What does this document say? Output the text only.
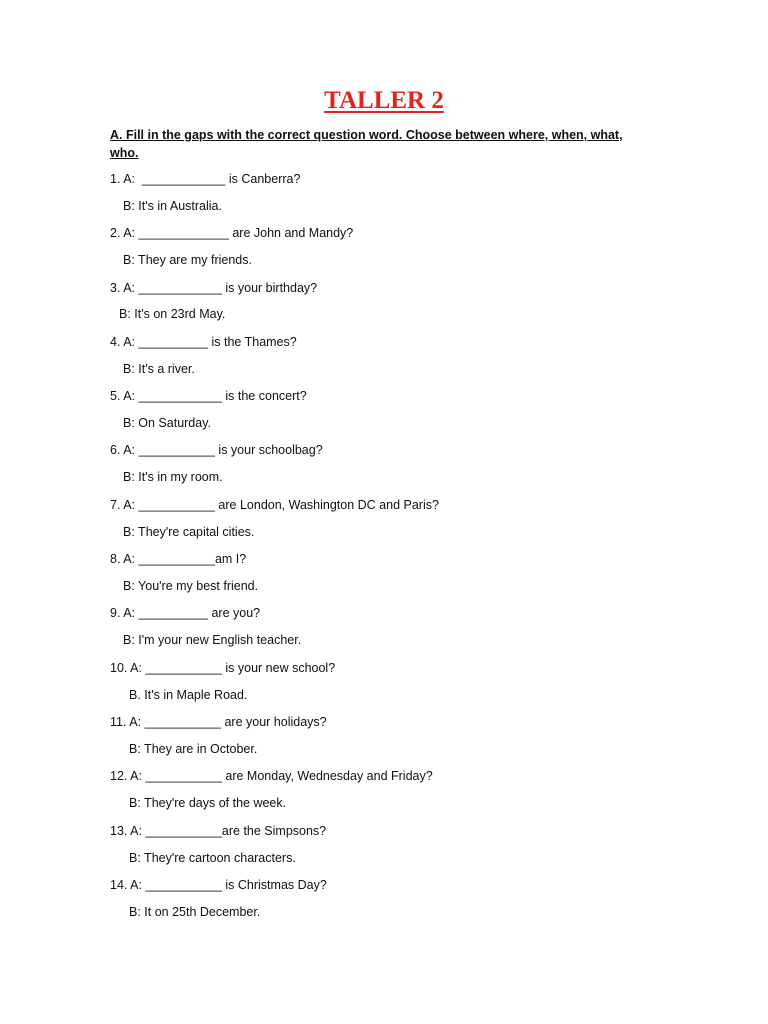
TALLER 2
A. Fill in the gaps with the correct question word. Choose between where, when, what, who.
1. A:  ____________ is Canberra?
B: It's in Australia.
2. A: _____________ are John and Mandy?
B: They are my friends.
3. A: ____________ is your birthday?
B: It's on 23rd May.
4. A: __________ is the Thames?
B: It's a river.
5. A: ____________ is the concert?
B: On Saturday.
6. A: ___________ is your schoolbag?
B: It's in my room.
7. A: ___________ are London, Washington DC and Paris?
B: They're capital cities.
8. A: ___________am I?
B: You're my best friend.
9. A: __________ are you?
B: I'm your new English teacher.
10. A: ___________ is your new school?
B. It's in Maple Road.
11. A: ___________ are your holidays?
B: They are in October.
12. A: ___________ are Monday, Wednesday and Friday?
B: They're days of the week.
13. A: ___________are the Simpsons?
B: They're cartoon characters.
14. A: ___________ is Christmas Day?
B: It on 25th December.
